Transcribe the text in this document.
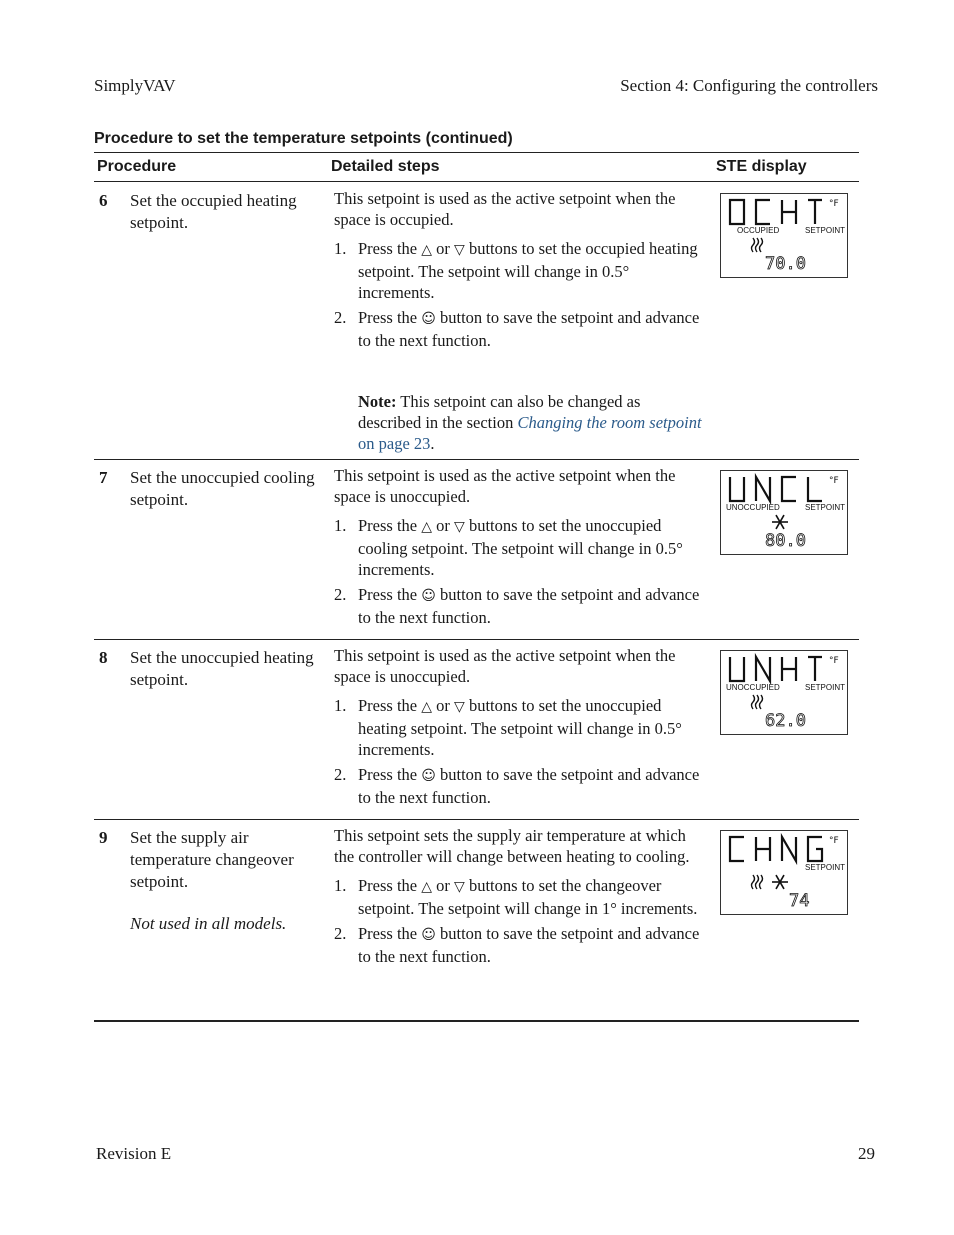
SimplyVAV	Section 4: Configuring the controllers
Procedure to set the temperature setpoints (continued)
Procedure	Detailed steps	STE display
6 Set the occupied heating setpoint.

This setpoint is used as the active setpoint when the space is occupied.

1. Press the △ or ▽ buttons to set the occupied heating setpoint. The setpoint will change in 0.5° increments.
2. Press the ☺ button to save the setpoint and advance to the next function.

Note: This setpoint can also be changed as described in the section Changing the room setpoint on page 23.

°F
OCCUPIED	SETPOINT
70.0
7 Set the unoccupied cooling setpoint.

This setpoint is used as the active setpoint when the space is unoccupied.

1. Press the △ or ▽ buttons to set the unoccupied cooling setpoint. The setpoint will change in 0.5° increments.
2. Press the ☺ button to save the setpoint and advance to the next function.
°F
UNOCCUPIED	SETPOINT
80.0
8 Set the unoccupied heating setpoint.

This setpoint is used as the active setpoint when the space is unoccupied.

1. Press the △ or ▽ buttons to set the unoccupied heating setpoint. The setpoint will change in 0.5° increments.
2. Press the ☺ button to save the setpoint and advance to the next function.
°F
UNOCCUPIED	SETPOINT
62.0
9 Set the supply air temperature changeover setpoint.
Not used in all models.

This setpoint sets the supply air temperature at which the controller will change between heating to cooling.

1. Press the △ or ▽ buttons to set the changeover setpoint. The setpoint will change in 1° increments.
2. Press the ☺ button to save the setpoint and advance to the next function.
°F
SETPOINT
74
Revision E	29
